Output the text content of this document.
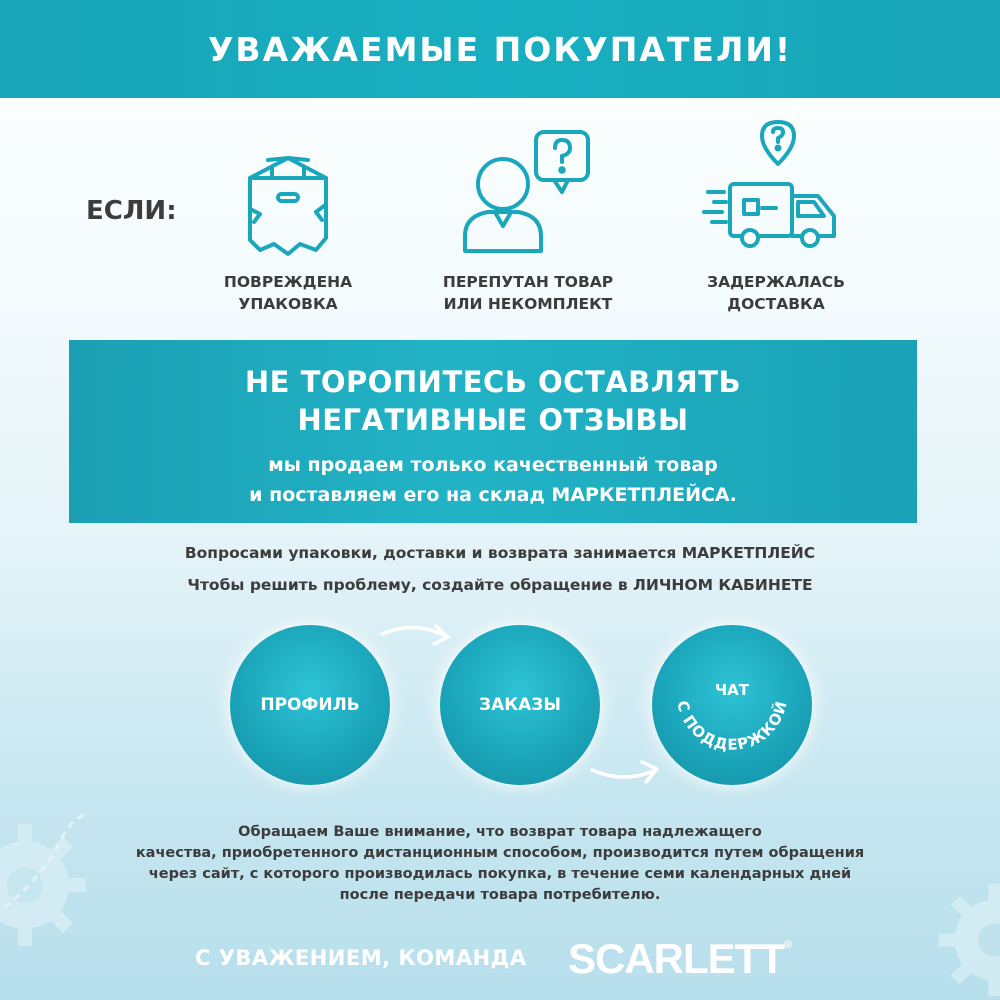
УВАЖАЕМЫЕ ПОКУПАТЕЛИ!
ЕСЛИ:
ПОВРЕЖДЕНА
УПАКОВКА
ПЕРЕПУТАН ТОВАР
ИЛИ НЕКОМПЛЕКТ
ЗАДЕРЖАЛАСЬ
ДОСТАВКА
НЕ ТОРОПИТЕСЬ ОСТАВЛЯТЬ
НЕГАТИВНЫЕ ОТЗЫВЫ
мы продаем только качественный товар
и поставляем его на склад МАРКЕТПЛЕЙСА.
Вопросами упаковки, доставки и возврата занимается МАРКЕТПЛЕЙС
Чтобы решить проблему, создайте обращение в ЛИЧНОМ КАБИНЕТЕ
ПРОФИЛЬ	ЗАКАЗЫ
ЧАТ
С ПОДДЕРЖКОЙ
Обращаем Ваше внимание, что возврат товара надлежащего
качества, приобретенного дистанционным способом, производится путем обращения
через сайт, с которого производилась покупка, в течение семи календарных дней
после передачи товара потребителю.
С УВАЖЕНИЕМ, КОМАНДА SCARLETT®
